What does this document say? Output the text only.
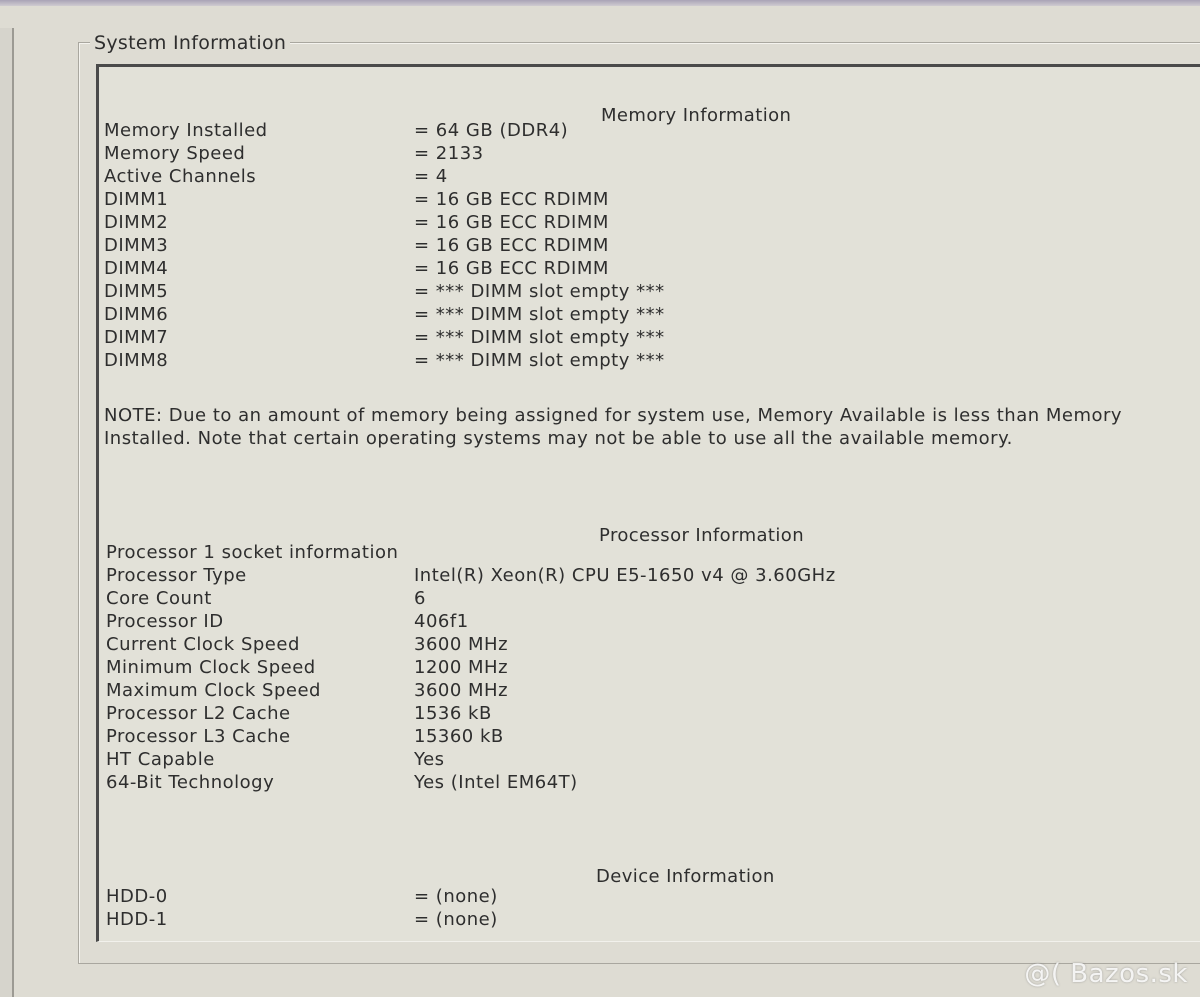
System Information
Memory Information
Memory Installed	= 64 GB (DDR4)
Memory Speed	= 2133
Active Channels	= 4
DIMM1	= 16 GB ECC RDIMM
DIMM2	= 16 GB ECC RDIMM
DIMM3	= 16 GB ECC RDIMM
DIMM4	= 16 GB ECC RDIMM
DIMM5	= *** DIMM slot empty ***
DIMM6	= *** DIMM slot empty ***
DIMM7	= *** DIMM slot empty ***
DIMM8	= *** DIMM slot empty ***
NOTE: Due to an amount of memory being assigned for system use, Memory Available is less than Memory Installed. Note that certain operating systems may not be able to use all the available memory.
Processor Information
Processor 1 socket information
Processor Type	Intel(R) Xeon(R) CPU E5-1650 v4 @ 3.60GHz
Core Count	6
Processor ID	406f1
Current Clock Speed	3600 MHz
Minimum Clock Speed	1200 MHz
Maximum Clock Speed	3600 MHz
Processor L2 Cache	1536 kB
Processor L3 Cache	15360 kB
HT Capable	Yes
64-Bit Technology	Yes (Intel EM64T)
Device Information
HDD-0	= (none)
HDD-1	= (none)
@( Bazos.sk
